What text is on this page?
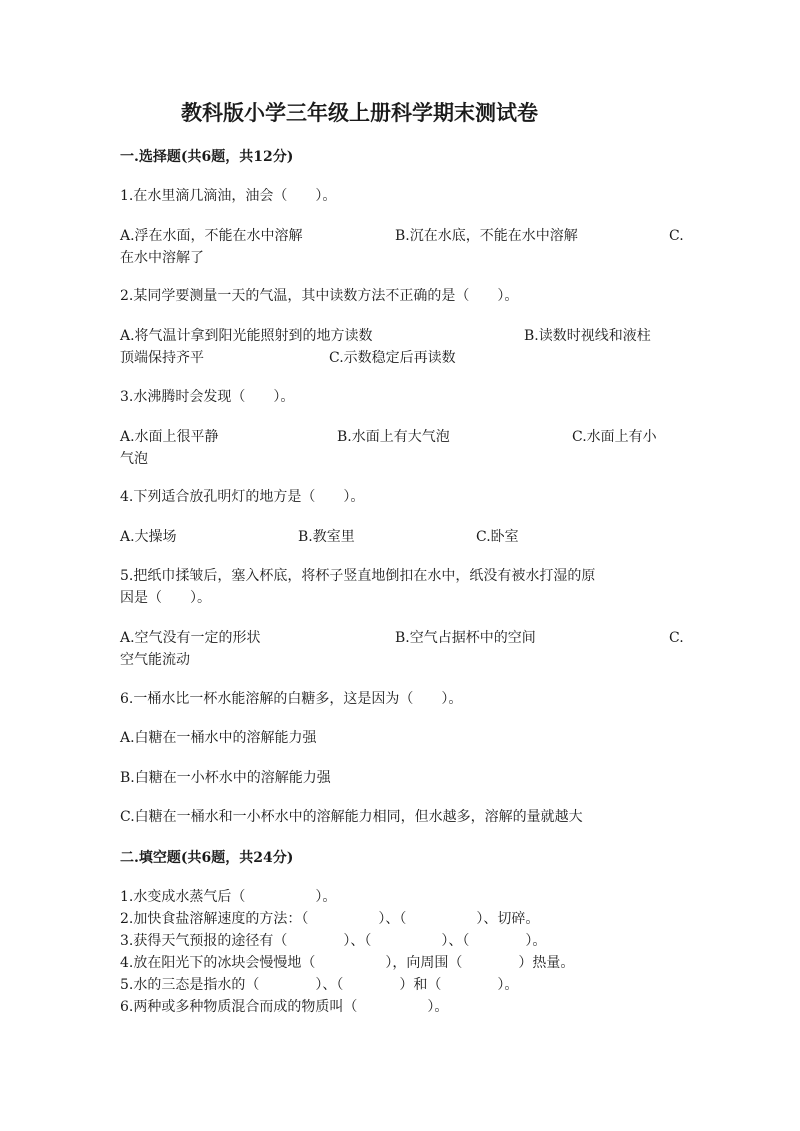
教科版小学三年级上册科学期末测试卷
一.选择题(共6题，共12分)
1.在水里滴几滴油，油会（　　）。
A.浮在水面，不能在水中溶解	B.沉在水底，不能在水中溶解	C.
在水中溶解了
2.某同学要测量一天的气温，其中读数方法不正确的是（　　）。
A.将气温计拿到阳光能照射到的地方读数	B.读数时视线和液柱
顶端保持齐平	C.示数稳定后再读数
3.水沸腾时会发现（　　）。
A.水面上很平静	B.水面上有大气泡	C.水面上有小
气泡
4.下列适合放孔明灯的地方是（　　）。
A.大操场	B.教室里	C.卧室
5.把纸巾揉皱后，塞入杯底，将杯子竖直地倒扣在水中，纸没有被水打湿的原
因是（　　）。
A.空气没有一定的形状	B.空气占据杯中的空间	C.
空气能流动
6.一桶水比一杯水能溶解的白糖多，这是因为（　　）。
A.白糖在一桶水中的溶解能力强
B.白糖在一小杯水中的溶解能力强
C.白糖在一桶水和一小杯水中的溶解能力相同，但水越多，溶解的量就越大
二.填空题(共6题，共24分)
1.水变成水蒸气后（　　　　　）。
2.加快食盐溶解速度的方法：（　　　　　）、（　　　　　）、切碎。
3.获得天气预报的途径有（　　　　）、（　　　　　）、（　　　　）。
4.放在阳光下的冰块会慢慢地（　　　　　），向周围（　　　　）热量。
5.水的三态是指水的（　　　　）、（　　　　）和（　　　　）。
6.两种或多种物质混合而成的物质叫（　　　　　）。
